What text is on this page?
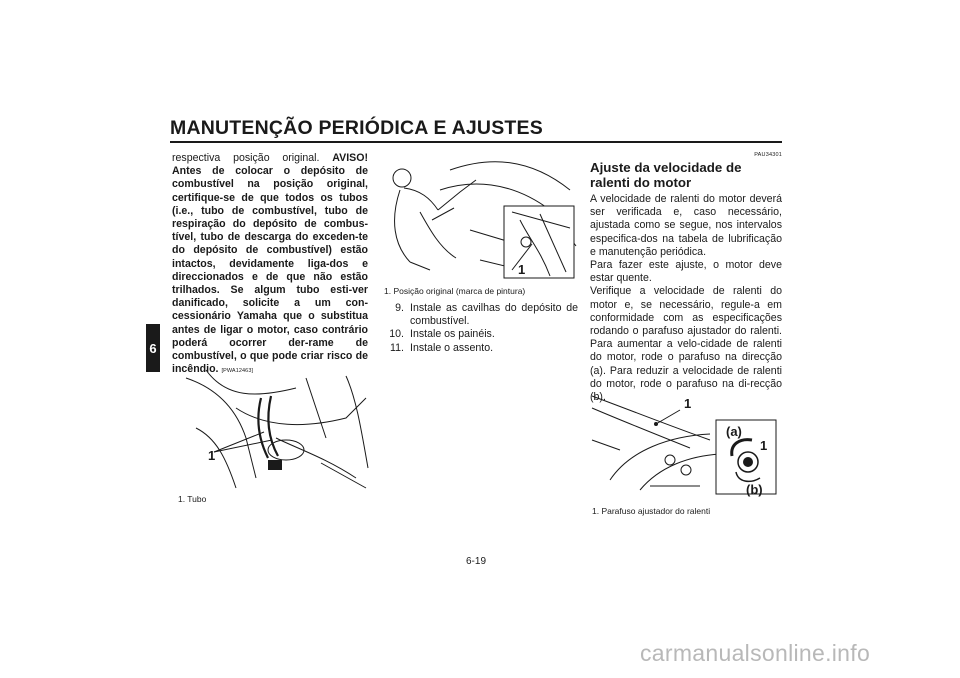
MANUTENÇÃO PERIÓDICA E AJUSTES
6
respectiva posição original. AVISO! Antes de colocar o depósito de combustível na posição original, certifique-se de que todos os tubos (i.e., tubo de combustível, tubo de respiração do depósito de combus-tível, tubo de descarga do exceden-te do depósito de combustível) estão intactos, devidamente liga-dos e direccionados e de que não estão trilhados. Se algum tubo esti-ver danificado, solicite a um con-cessionário Yamaha que o substitua antes de ligar o motor, caso contrário poderá ocorrer der-rame de combustível, o que pode criar risco de incêndio. [PWA12463]
1
1. Tubo
1
1. Posição original (marca de pintura)
9. Instale as cavilhas do depósito de combustível.
10. Instale os painéis.
11. Instale o assento.
PAU34301
Ajuste da velocidade de ralenti do motor

A velocidade de ralenti do motor deverá ser verificada e, caso necessário, ajustada como se segue, nos intervalos especifica-dos na tabela de lubrificação e manutenção periódica.

Para fazer este ajuste, o motor deve estar quente.

Verifique a velocidade de ralenti do motor e, se necessário, regule-a em conformidade com as especificações rodando o parafuso ajustador do ralenti. Para aumentar a velo-cidade de ralenti do motor, rode o parafuso na direcção (a). Para reduzir a velocidade de ralenti do motor, rode o parafuso na di-recção (b).	1
(a)
1
(b)
1. Parafuso ajustador do ralenti
6-19
carmanualsonline.info
